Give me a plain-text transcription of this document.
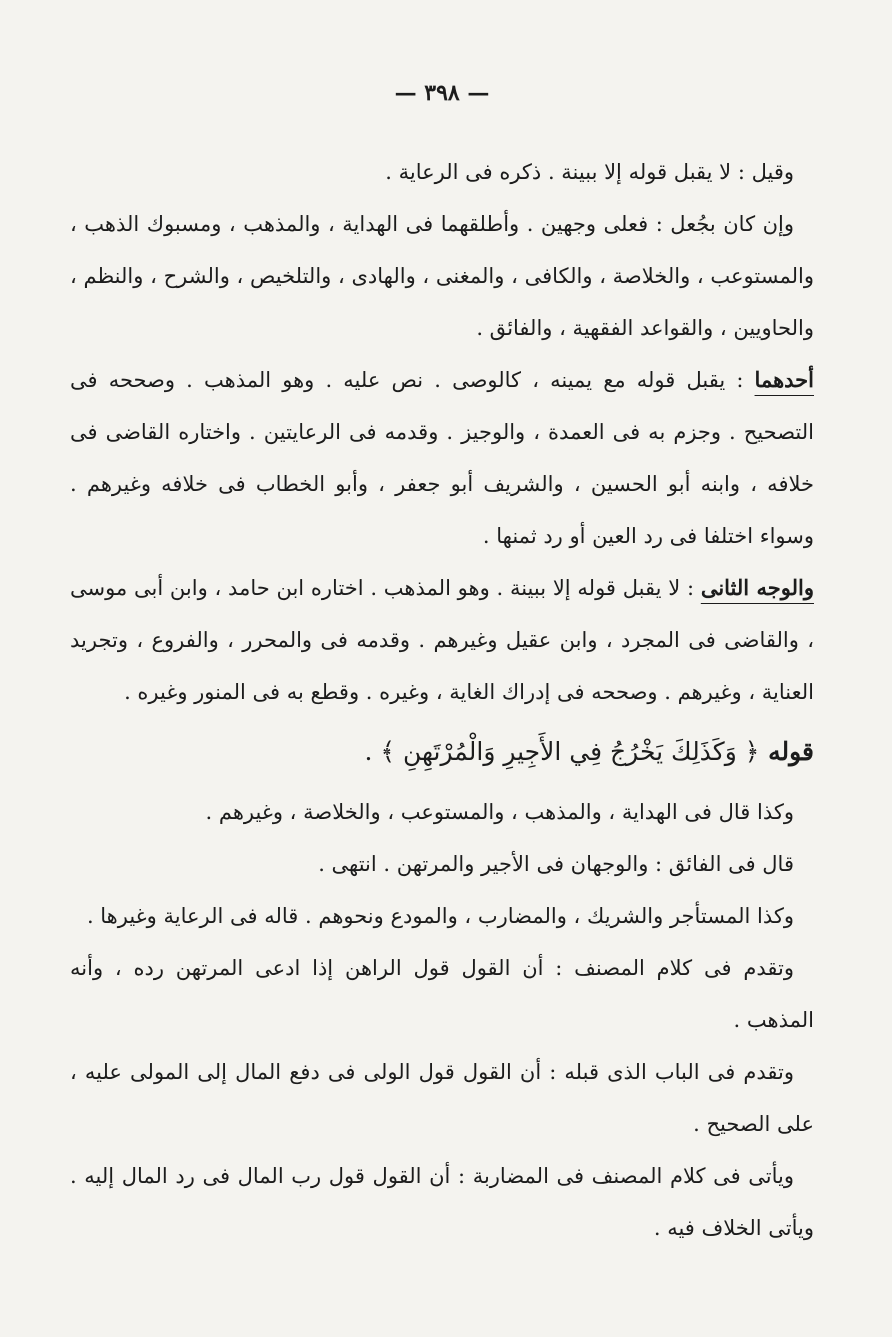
— ٣٩٨ —

وقيل : لا يقبل قوله إلا ببينة . ذكره فى الرعاية .

وإن كان بجُعل : فعلى وجهين . وأطلقهما فى الهداية ، والمذهب ، ومسبوك الذهب ، والمستوعب ، والخلاصة ، والكافى ، والمغنى ، والهادى ، والتلخيص ، والشرح ، والنظم ، والحاويين ، والقواعد الفقهية ، والفائق .

أحدهما : يقبل قوله مع يمينه ، كالوصى . نص عليه . وهو المذهب . وصححه فى التصحيح . وجزم به فى العمدة ، والوجيز . وقدمه فى الرعايتين . واختاره القاضى فى خلافه ، وابنه أبو الحسين ، والشريف أبو جعفر ، وأبو الخطاب فى خلافه وغيرهم . وسواء اختلفا فى رد العين أو رد ثمنها .

والوجه الثانى : لا يقبل قوله إلا ببينة . وهو المذهب . اختاره ابن حامد ، وابن أبى موسى ، والقاضى فى المجرد ، وابن عقيل وغيرهم . وقدمه فى والمحرر ، والفروع ، وتجريد العناية ، وغيرهم . وصححه فى إدراك الغاية ، وغيره . وقطع به فى المنور وغيره .

قوله ﴿ وَكَذَلِكَ يَخْرُجُ فِي الأَجِيرِ وَالْمُرْتَهِنِ ﴾ .

وكذا قال فى الهداية ، والمذهب ، والمستوعب ، والخلاصة ، وغيرهم .

قال فى الفائق : والوجهان فى الأجير والمرتهن . انتهى .

وكذا المستأجر والشريك ، والمضارب ، والمودع ونحوهم . قاله فى الرعاية وغيرها .

وتقدم فى كلام المصنف : أن القول قول الراهن إذا ادعى المرتهن رده ، وأنه المذهب .

وتقدم فى الباب الذى قبله : أن القول قول الولى فى دفع المال إلى المولى عليه ، على الصحيح .

ويأتى فى كلام المصنف فى المضاربة : أن القول قول رب المال فى رد المال إليه . ويأتى الخلاف فيه .
